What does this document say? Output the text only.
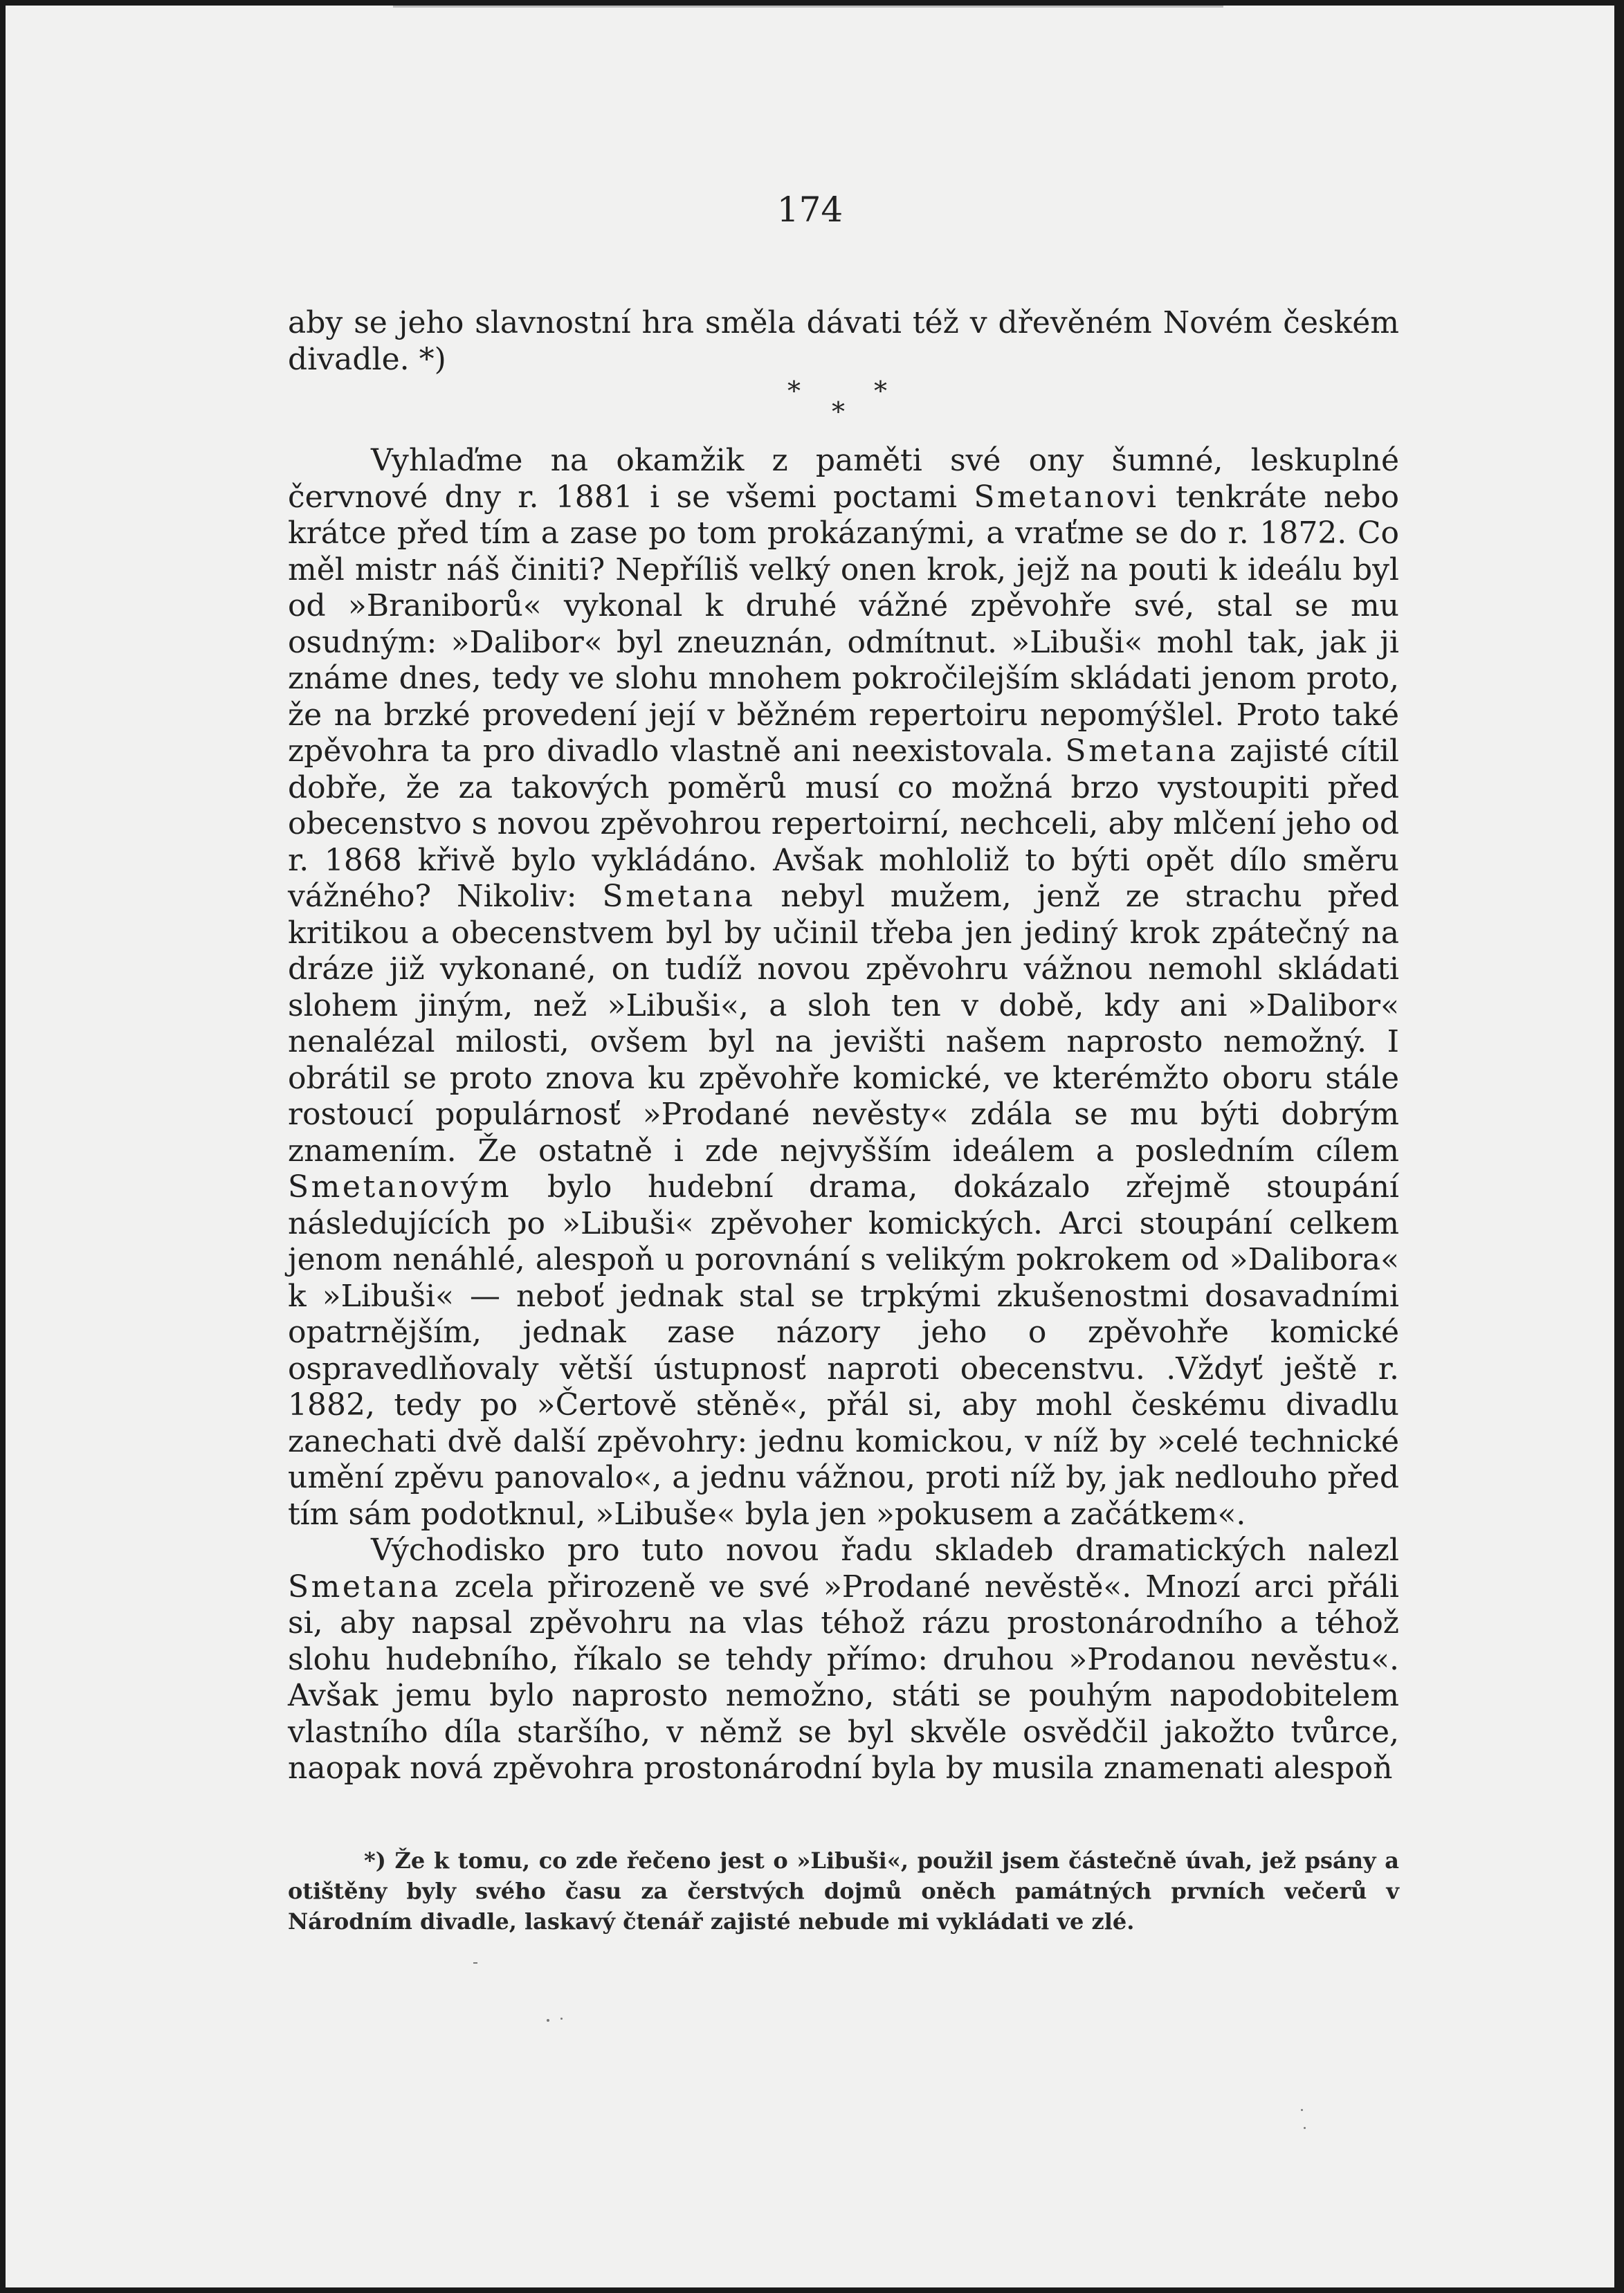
174

aby se jeho slavnostní hra směla dávati též v dřevěném Novém českém divadle. *)

*	*
*

Vyhlaďme na okamžik z paměti své ony šumné, leskuplné červnové dny r. 1881 i se všemi poctami Smetanovi tenkráte nebo krátce před tím a zase po tom prokázanými, a vraťme se do r. 1872. Co měl mistr náš činiti? Nepříliš velký onen krok, jejž na pouti k ideálu byl od »Braniborů« vykonal k druhé vážné zpěvohře své, stal se mu osudným: »Dalibor« byl zneuznán, odmítnut. »Libuši« mohl tak, jak ji známe dnes, tedy ve slohu mnohem pokročilejším skládati jenom proto, že na brzké provedení její v běžném repertoiru nepomýšlel. Proto také zpěvohra ta pro divadlo vlastně ani neexistovala. Smetana zajisté cítil dobře, že za takových poměrů musí co možná brzo vystoupiti před obecenstvo s novou zpěvohrou repertoirní, nechceli, aby mlčení jeho od r. 1868 křivě bylo vykládáno. Avšak mohloliž to býti opět dílo směru vážného? Nikoliv: Smetana nebyl mužem, jenž ze strachu před kritikou a obecenstvem byl by učinil třeba jen jediný krok zpátečný na dráze již vykonané, on tudíž novou zpěvohru vážnou nemohl skládati slohem jiným, než »Libuši«, a sloh ten v době, kdy ani »Dalibor« nenalézal milosti, ovšem byl na jevišti našem naprosto nemožný. I obrátil se proto znova ku zpěvohře komické, ve kterémžto oboru stále rostoucí populárnosť »Prodané nevěsty« zdála se mu býti dobrým znamením. Že ostatně i zde nejvyšším ideálem a posledním cílem Smetanovým bylo hudební drama, dokázalo zřejmě stoupání následujících po »Libuši« zpěvoher komických. Arci stoupání celkem jenom nenáhlé, alespoň u porovnání s velikým pokrokem od »Dalibora« k »Libuši« — neboť jednak stal se trpkými zkušenostmi dosavadními opatrnějším, jednak zase názory jeho o zpěvohře komické ospravedlňovaly větší ústupnosť naproti obecenstvu. .Vždyť ještě r. 1882, tedy po »Čertově stěně«, přál si, aby mohl českému divadlu zanechati dvě další zpěvohry: jednu komickou, v níž by »celé technické umění zpěvu panovalo«, a jednu vážnou, proti níž by, jak nedlouho před tím sám podotknul, »Libuše« byla jen »pokusem a začátkem«.

Východisko pro tuto novou řadu skladeb dramatických nalezl Smetana zcela přirozeně ve své »Prodané nevěstě«. Mnozí arci přáli si, aby napsal zpěvohru na vlas téhož rázu prostonárodního a téhož slohu hudebního, říkalo se tehdy přímo: druhou »Prodanou nevěstu«. Avšak jemu bylo naprosto nemožno, státi se pouhým napodobitelem vlastního díla staršího, v němž se byl skvěle osvědčil jakožto tvůrce, naopak nová zpěvohra prostonárodní byla by musila znamenati alespoň

*) Že k tomu, co zde řečeno jest o »Libuši«, použil jsem částečně úvah, jež psány a otištěny byly svého času za čerstvých dojmů oněch památných prvních večerů v Národním divadle, laskavý čtenář zajisté nebude mi vykládati ve zlé.
